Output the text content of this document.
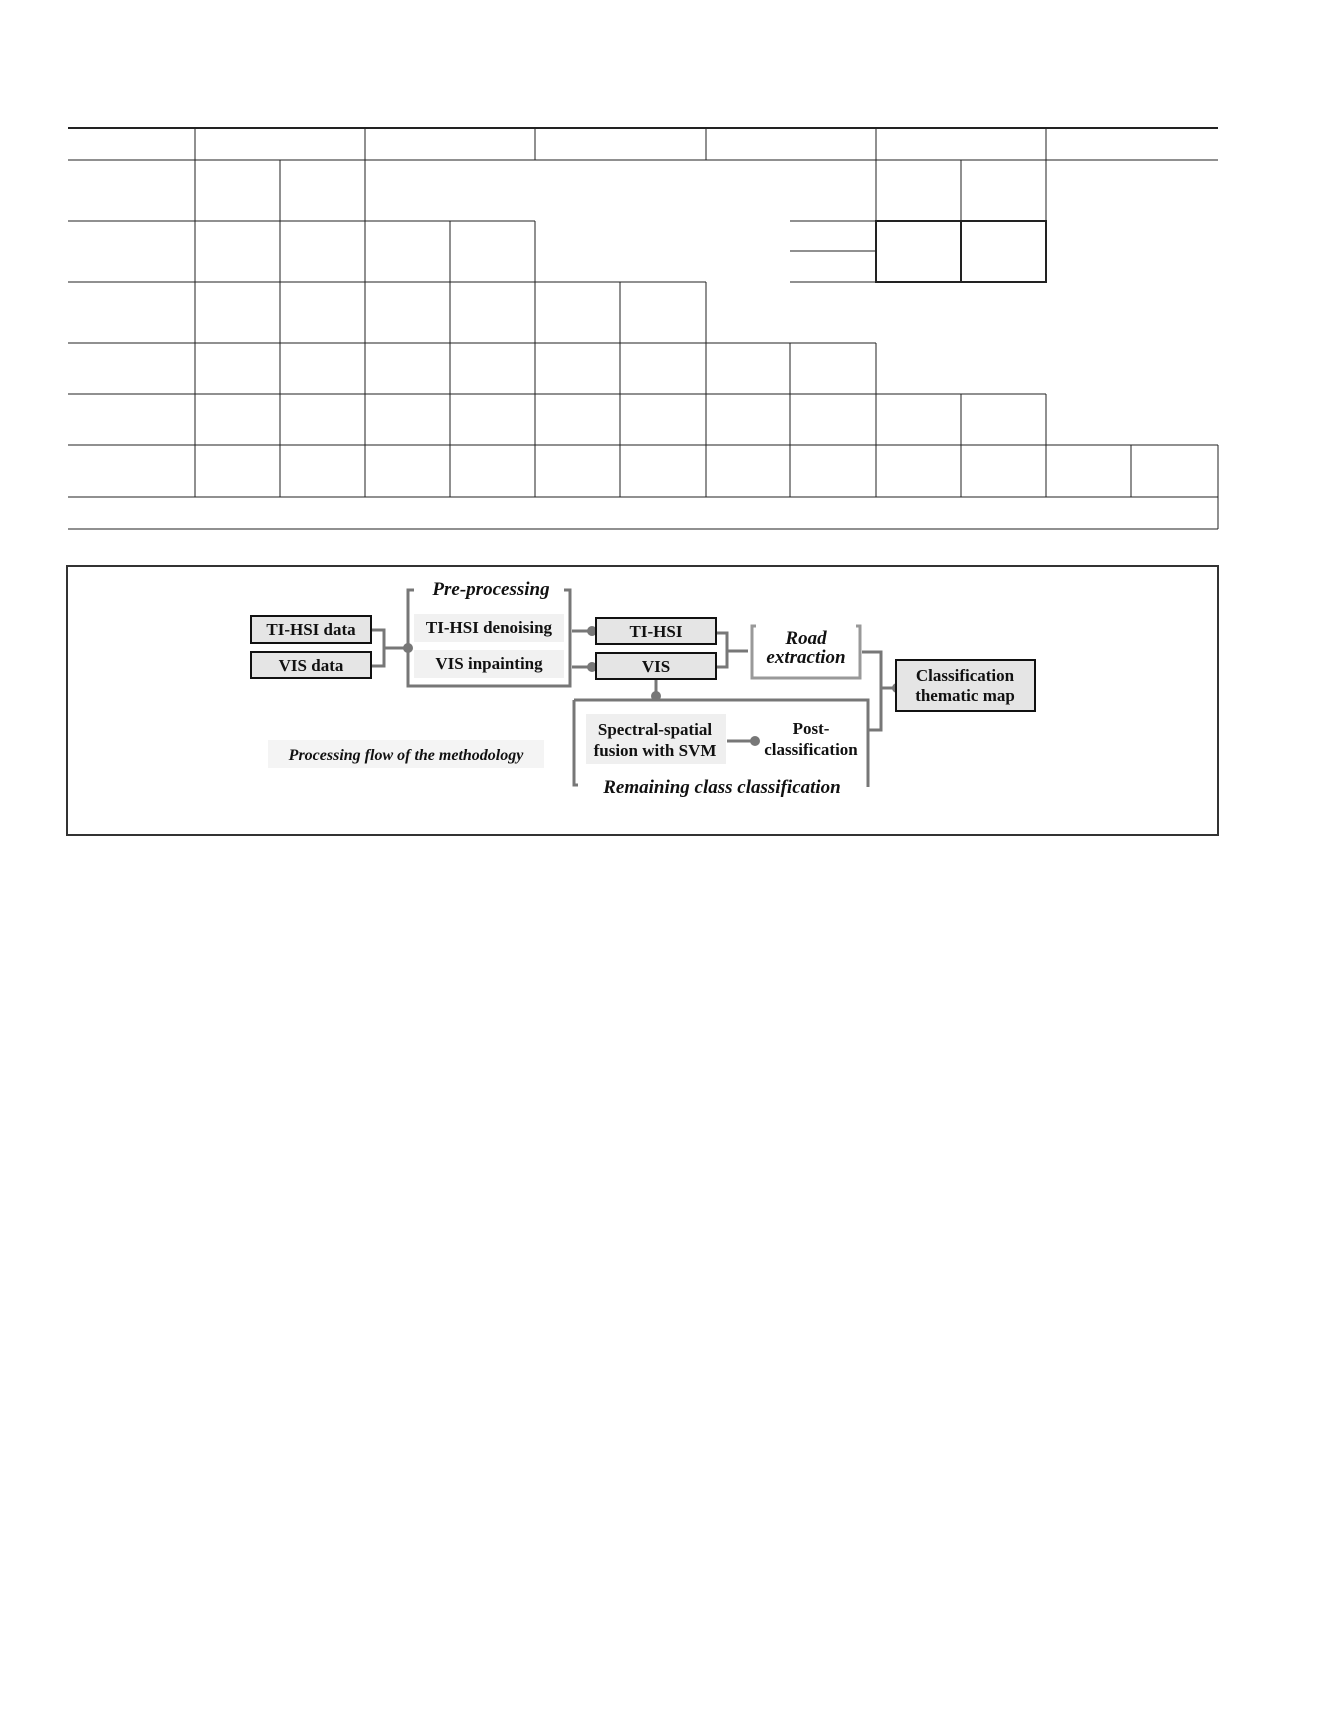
TI-HSI data
VIS data
Pre-processing
TI-HSI denoising
VIS inpainting
TI-HSI
VIS
Road
extraction
Spectral-spatial
fusion with SVM
Post-
classification
Remaining class classification
Classification
thematic map
Processing flow of the methodology
